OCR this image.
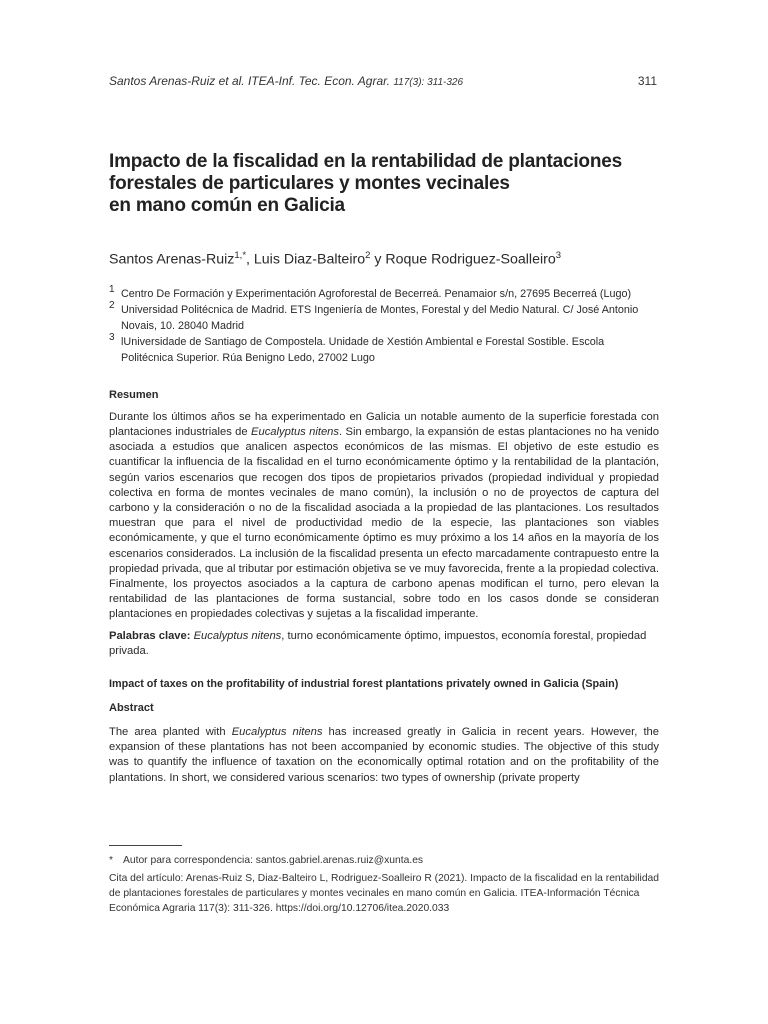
Santos Arenas-Ruiz et al. ITEA-Inf. Tec. Econ. Agrar. 117(3): 311-326	311
Impacto de la fiscalidad en la rentabilidad de plantaciones
forestales de particulares y montes vecinales
en mano común en Galicia
Santos Arenas-Ruiz$^{1,*}$, Luis Diaz-Balteiro$^2$ y Roque Rodriguez-Soalleiro$^3$
1 Centro De Formación y Experimentación Agroforestal de Becerreá. Penamaior s/n, 27695 Becerreá (Lugo)
2 Universidad Politécnica de Madrid. ETS Ingeniería de Montes, Forestal y del Medio Natural. C/ José Antonio Novais, 10. 28040 Madrid
3 lUniversidade de Santiago de Compostela. Unidade de Xestión Ambiental e Forestal Sostible. Escola Politécnica Superior. Rúa Benigno Ledo, 27002 Lugo
Resumen
Durante los últimos años se ha experimentado en Galicia un notable aumento de la superficie forestada con plantaciones industriales de Eucalyptus nitens. Sin embargo, la expansión de estas plantaciones no ha venido asociada a estudios que analicen aspectos económicos de las mismas. El objetivo de este estudio es cuantificar la influencia de la fiscalidad en el turno económicamente óptimo y la rentabilidad de la plantación, según varios escenarios que recogen dos tipos de propietarios privados (propiedad individual y propiedad colectiva en forma de montes vecinales de mano común), la inclusión o no de proyectos de captura del carbono y la consideración o no de la fiscalidad asociada a la propiedad de las plantaciones. Los resultados muestran que para el nivel de productividad medio de la especie, las plantaciones son viables económicamente, y que el turno económicamente óptimo es muy próximo a los 14 años en la mayoría de los escenarios considerados. La inclusión de la fiscalidad presenta un efecto marcadamente contrapuesto entre la propiedad privada, que al tributar por estimación objetiva se ve muy favorecida, frente a la propiedad colectiva. Finalmente, los proyectos asociados a la captura de carbono apenas modifican el turno, pero elevan la rentabilidad de las plantaciones de forma sustancial, sobre todo en los casos donde se consideran plantaciones en propiedades colectivas y sujetas a la fiscalidad imperante.
Palabras clave: Eucalyptus nitens, turno económicamente óptimo, impuestos, economía forestal, propiedad privada.
Impact of taxes on the profitability of industrial forest plantations privately owned in Galicia (Spain)
Abstract
The area planted with Eucalyptus nitens has increased greatly in Galicia in recent years. However, the expansion of these plantations has not been accompanied by economic studies. The objective of this study was to quantify the influence of taxation on the economically optimal rotation and on the profitability of the plantations. In short, we considered various scenarios: two types of ownership (private property
* Autor para correspondencia: santos.gabriel.arenas.ruiz@xunta.es
Cita del artículo: Arenas-Ruiz S, Diaz-Balteiro L, Rodriguez-Soalleiro R (2021). Impacto de la fiscalidad en la rentabilidad de plantaciones forestales de particulares y montes vecinales en mano común en Galicia. ITEA-Información Técnica Económica Agraria 117(3): 311-326. https://doi.org/10.12706/itea.2020.033
